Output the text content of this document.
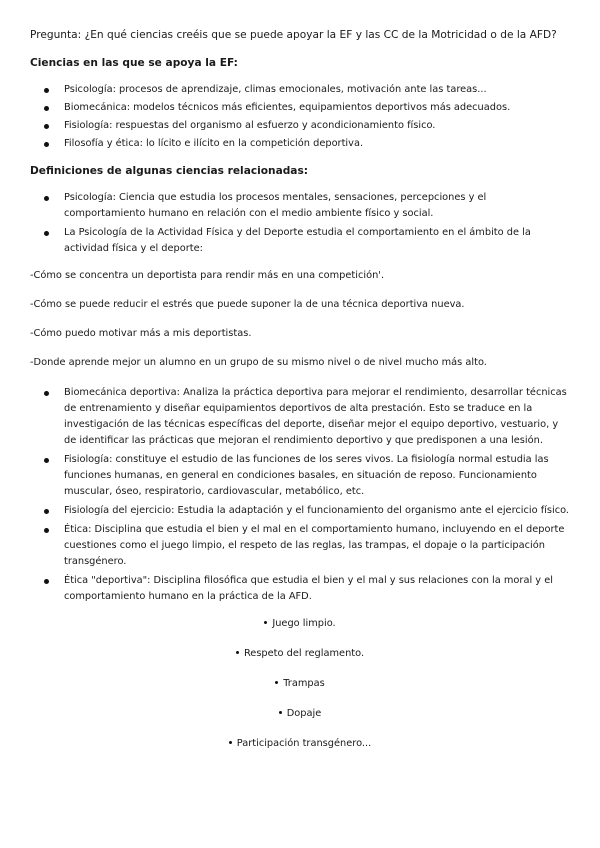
Pregunta: ¿En qué ciencias creéis que se puede apoyar la EF y las CC de la Motricidad o de la AFD?

Ciencias en las que se apoya la EF:

Psicología: procesos de aprendizaje, climas emocionales, motivación ante las tareas...
Biomecánica: modelos técnicos más eficientes, equipamientos deportivos más adecuados.
Fisiología: respuestas del organismo al esfuerzo y acondicionamiento físico.
Filosofía y ética: lo lícito e ilícito en la competición deportiva.

Definiciones de algunas ciencias relacionadas:

Psicología: Ciencia que estudia los procesos mentales, sensaciones, percepciones y el comportamiento humano en relación con el medio ambiente físico y social.
La Psicología de la Actividad Física y del Deporte estudia el comportamiento en el ámbito de la actividad física y el deporte:

-Cómo se concentra un deportista para rendir más en una competición'.

-Cómo se puede reducir el estrés que puede suponer la de una técnica deportiva nueva.

-Cómo puedo motivar más a mis deportistas.

-Donde aprende mejor un alumno en un grupo de su mismo nivel o de nivel mucho más alto.

Biomecánica deportiva: Analiza la práctica deportiva para mejorar el rendimiento, desarrollar técnicas de entrenamiento y diseñar equipamientos deportivos de alta prestación. Esto se traduce en la investigación de las técnicas específicas del deporte, diseñar mejor el equipo deportivo, vestuario, y de identificar las prácticas que mejoran el rendimiento deportivo y que predisponen a una lesión.
Fisiología: constituye el estudio de las funciones de los seres vivos. La fisiología normal estudia las funciones humanas, en general en condiciones basales, en situación de reposo. Funcionamiento muscular, óseo, respiratorio, cardiovascular, metabólico, etc.
Fisiología del ejercicio: Estudia la adaptación y el funcionamiento del organismo ante el ejercicio físico.
Ética: Disciplina que estudia el bien y el mal en el comportamiento humano, incluyendo en el deporte cuestiones como el juego limpio, el respeto de las reglas, las trampas, el dopaje o la participación transgénero.
Ética "deportiva": Disciplina filosófica que estudia el bien y el mal y sus relaciones con la moral y el comportamiento humano en la práctica de la AFD.

Juego limpio.

Respeto del reglamento.

Trampas

Dopaje

Participación transgénero...
